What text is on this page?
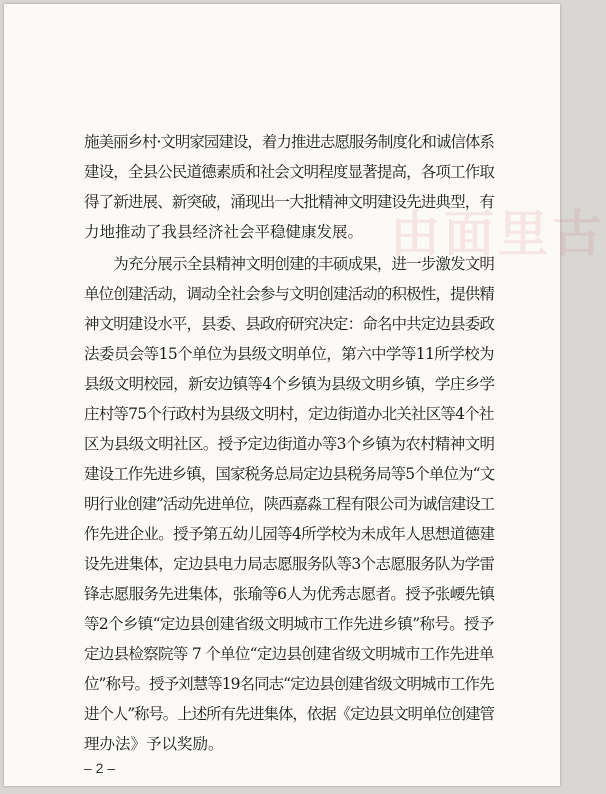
由面里古
施美丽乡村·文明家园建设，着力推进志愿服务制度化和诚信体系
建设，全县公民道德素质和社会文明程度显著提高，各项工作取
得了新进展、新突破，涌现出一大批精神文明建设先进典型，有
力地推动了我县经济社会平稳健康发展。
　　为充分展示全县精神文明创建的丰硕成果，进一步激发文明
单位创建活动，调动全社会参与文明创建活动的积极性，提供精
神文明建设水平，县委、县政府研究决定：命名中共定边县委政
法委员会等15个单位为县级文明单位，第六中学等11所学校为
县级文明校园，新安边镇等4个乡镇为县级文明乡镇，学庄乡学
庄村等75个行政村为县级文明村，定边街道办北关社区等4个社
区为县级文明社区。授予定边街道办等3个乡镇为农村精神文明
建设工作先进乡镇，国家税务总局定边县税务局等5个单位为“文
明行业创建”活动先进单位，陕西嘉淼工程有限公司为诚信建设工
作先进企业。授予第五幼儿园等4所学校为未成年人思想道德建
设先进集体，定边县电力局志愿服务队等3个志愿服务队为学雷
锋志愿服务先进集体，张瑜等6人为优秀志愿者。授予张崾先镇
等2个乡镇“定边县创建省级文明城市工作先进乡镇”称号。授予
定边县检察院等 7 个单位“定边县创建省级文明城市工作先进单
位”称号。授予刘慧等19名同志“定边县创建省级文明城市工作先
进个人”称号。上述所有先进集体，依据《定边县文明单位创建管
理办法》予以奖励。
– 2 –
